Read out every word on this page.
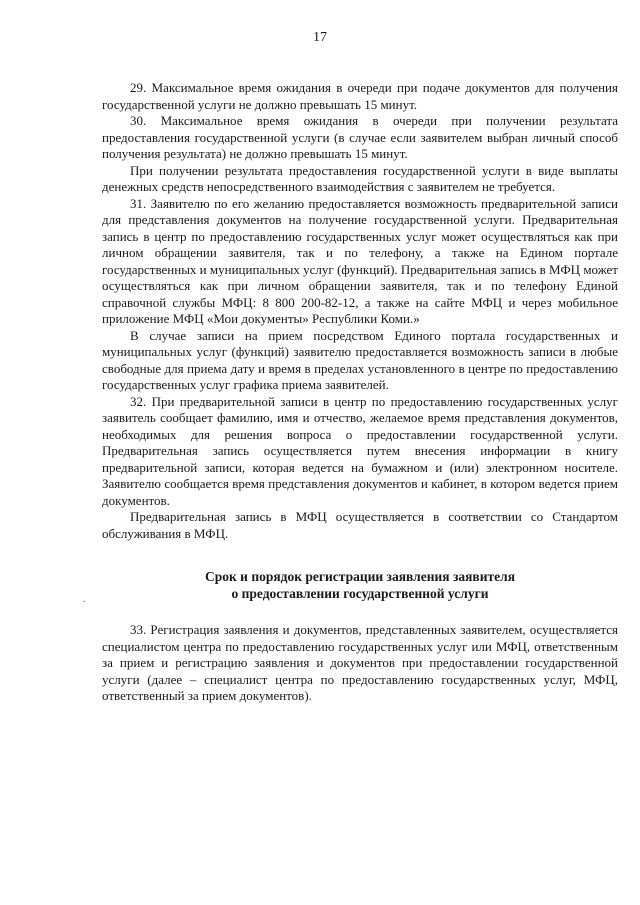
17
.

29. Максимальное время ожидания в очереди при подаче документов для получения государственной услуги не должно превышать 15 минут.

30. Максимальное время ожидания в очереди при получении результата предоставления государственной услуги (в случае если заявителем выбран личный способ получения результата) не должно превышать 15 минут.

При получении результата предоставления государственной услуги в виде выплаты денежных средств непосредственного взаимодействия с заявителем не требуется.

31. Заявителю по его желанию предоставляется возможность предварительной записи для представления документов на получение государственной услуги. Предварительная запись в центр по предоставлению государственных услуг может осуществляться как при личном обращении заявителя, так и по телефону, а также на Едином портале государственных и муниципальных услуг (функций). Предварительная запись в МФЦ может осуществляться как при личном обращении заявителя, так и по телефону Единой справочной службы МФЦ: 8 800 200-82-12, а также на сайте МФЦ и через мобильное приложение МФЦ «Мои документы» Республики Коми.»

В случае записи на прием посредством Единого портала государственных и муниципальных услуг (функций) заявителю предоставляется возможность записи в любые свободные для приема дату и время в пределах установленного в центре по предоставлению государственных услуг графика приема заявителей.

32. При предварительной записи в центр по предоставлению государственных услуг заявитель сообщает фамилию, имя и отчество, желаемое время представления документов, необходимых для решения вопроса о предоставлении государственной услуги. Предварительная запись осуществляется путем внесения информации в книгу предварительной записи, которая ведется на бумажном и (или) электронном носителе. Заявителю сообщается время представления документов и кабинет, в котором ведется прием документов.

Предварительная запись в МФЦ осуществляется в соответствии со Стандартом обслуживания в МФЦ.

Срок и порядок регистрации заявления заявителя
о предоставлении государственной услуги

33. Регистрация заявления и документов, представленных заявителем, осуществляется специалистом центра по предоставлению государственных услуг или МФЦ, ответственным за прием и регистрацию заявления и документов при предоставлении государственной услуги (далее – специалист центра по предоставлению государственных услуг, МФЦ, ответственный за прием документов).
